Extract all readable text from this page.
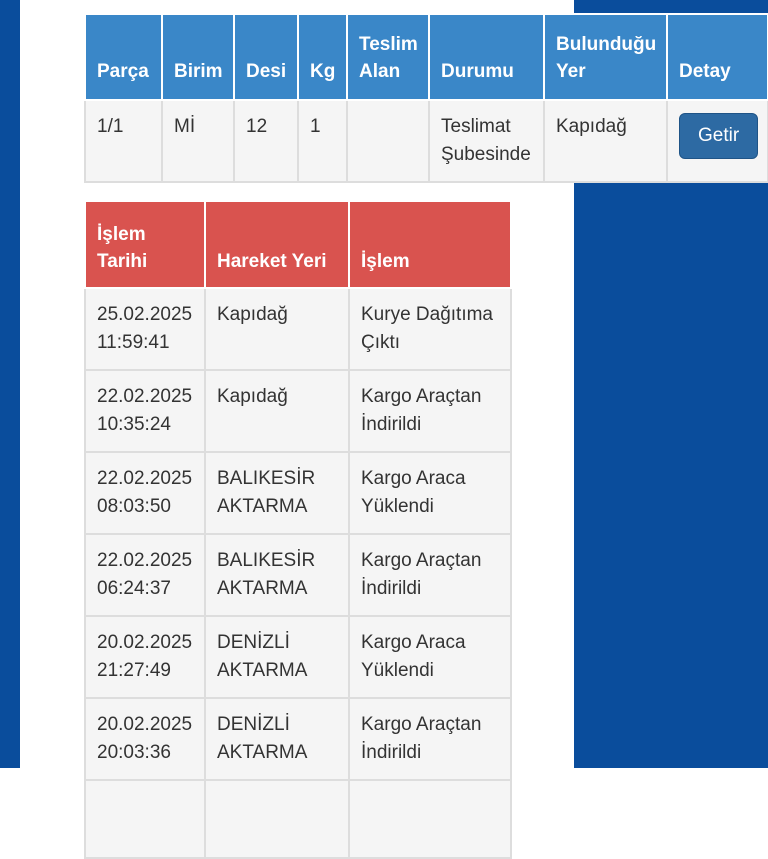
Parça	Birim	Desi	Kg	Teslim Alan	Durumu	Bulunduğu Yer	Detay
1/1	Mİ	12	1		Teslimat Şubesinde	Kapıdağ	Getir
İşlem Tarihi	Hareket Yeri	İşlem
25.02.2025 11:59:41	Kapıdağ	Kurye Dağıtıma Çıktı
22.02.2025 10:35:24	Kapıdağ	Kargo Araçtan İndirildi
22.02.2025 08:03:50	BALIKESİR AKTARMA	Kargo Araca Yüklendi
22.02.2025 06:24:37	BALIKESİR AKTARMA	Kargo Araçtan İndirildi
20.02.2025 21:27:49	DENİZLİ AKTARMA	Kargo Araca Yüklendi
20.02.2025 20:03:36	DENİZLİ AKTARMA	Kargo Araçtan İndirildi
